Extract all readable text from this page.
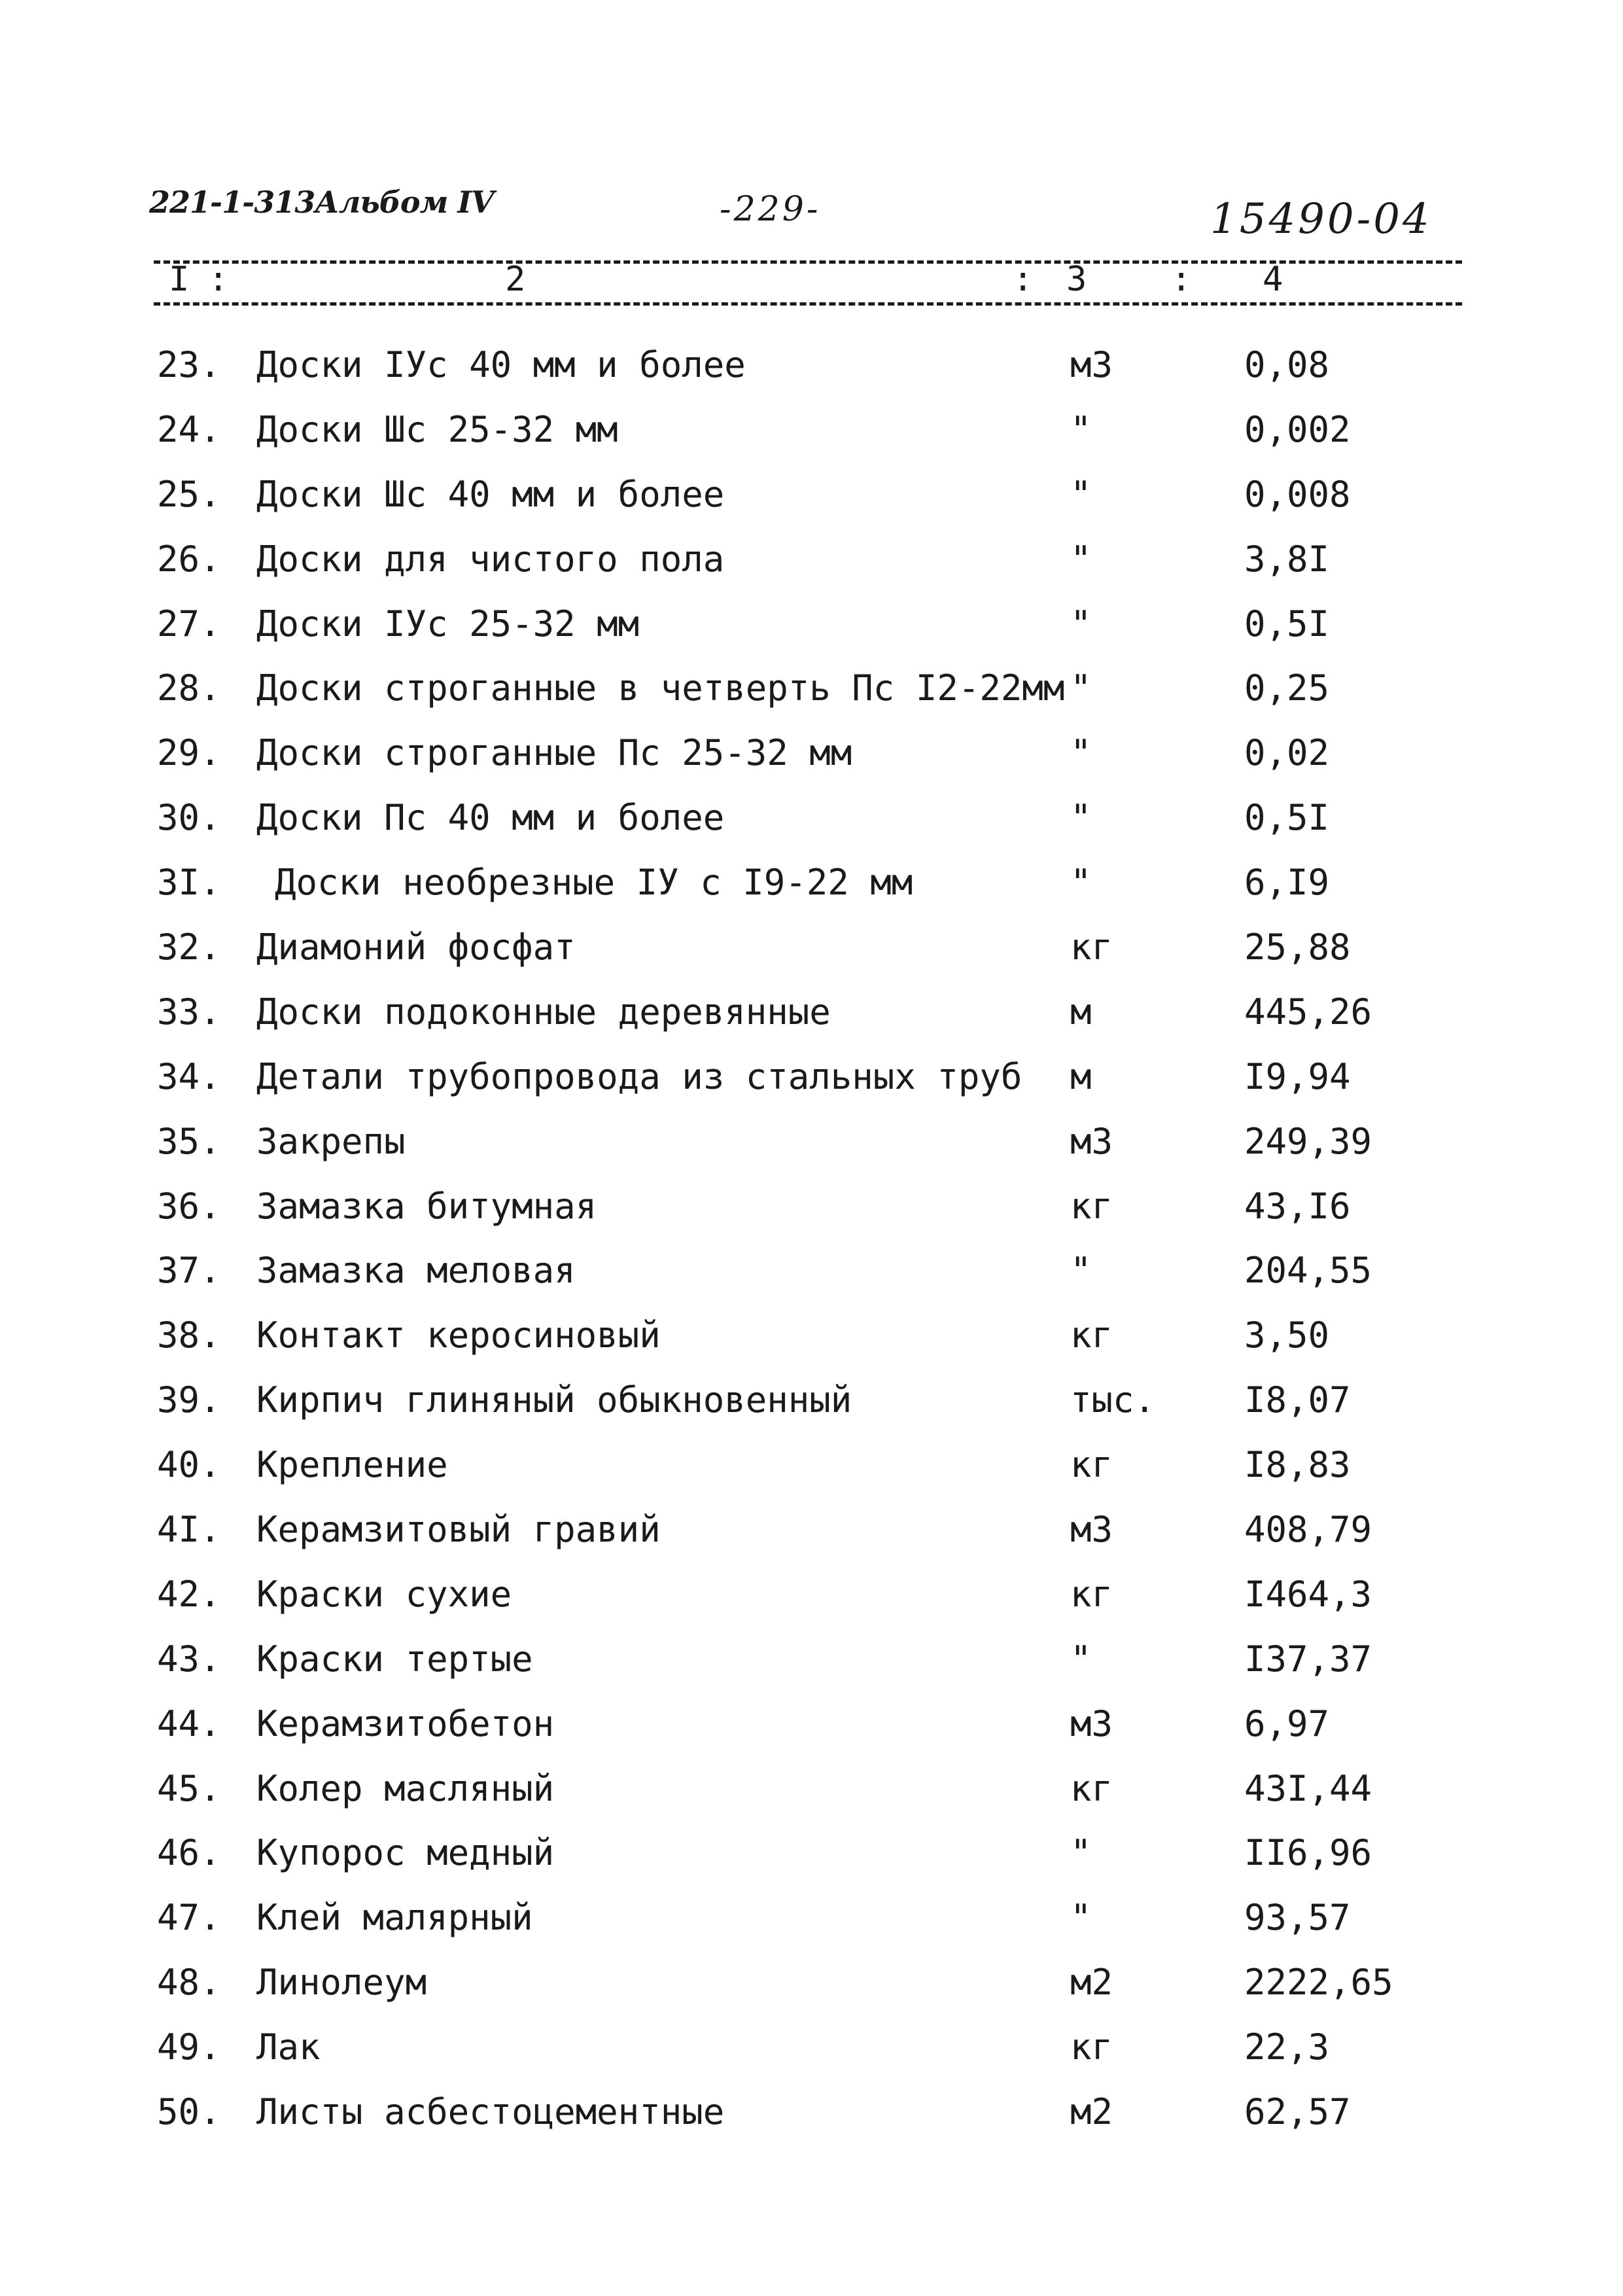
221-1-313Альбом IV	-229-	15490-04
I :	2	: 3 : 4
23. Доски IУс 40 мм и более	м3	0,08
24. Доски Шс 25-32 мм	"	0,002
25. Доски Шс 40 мм и более	"	0,008
26. Доски для чистого пола	"	3,8I
27. Доски IУс 25-32 мм	"	0,5I
28. Доски строганные в четверть Пс I2-22мм "	0,25
29. Доски строганные Пс 25-32 мм	"	0,02
30. Доски Пс 40 мм и более	"	0,5I
3I. Доски необрезные IУ с I9-22 мм	"	6,I9
32. Диамоний фосфат	кг	25,88
33. Доски подоконные деревянные	м	445,26
34. Детали трубопровода из стальных труб м	I9,94
35. Закрепы	м3	249,39
36. Замазка битумная	кг	43,I6
37. Замазка меловая	"	204,55
38. Контакт керосиновый	кг	3,50
39. Кирпич глиняный обыкновенный	тыс.	I8,07
40. Крепление	кг	I8,83
4I. Керамзитовый гравий	м3	408,79
42. Краски сухие	кг	I464,3
43. Краски тертые	"	I37,37
44. Керамзитобетон	м3	6,97
45. Колер масляный	кг	43I,44
46. Купорос медный	"	II6,96
47. Клей малярный	"	93,57
48. Линолеум	м2	2222,65
49. Лак	кг	22,3
50. Листы асбестоцементные	м2	62,57
